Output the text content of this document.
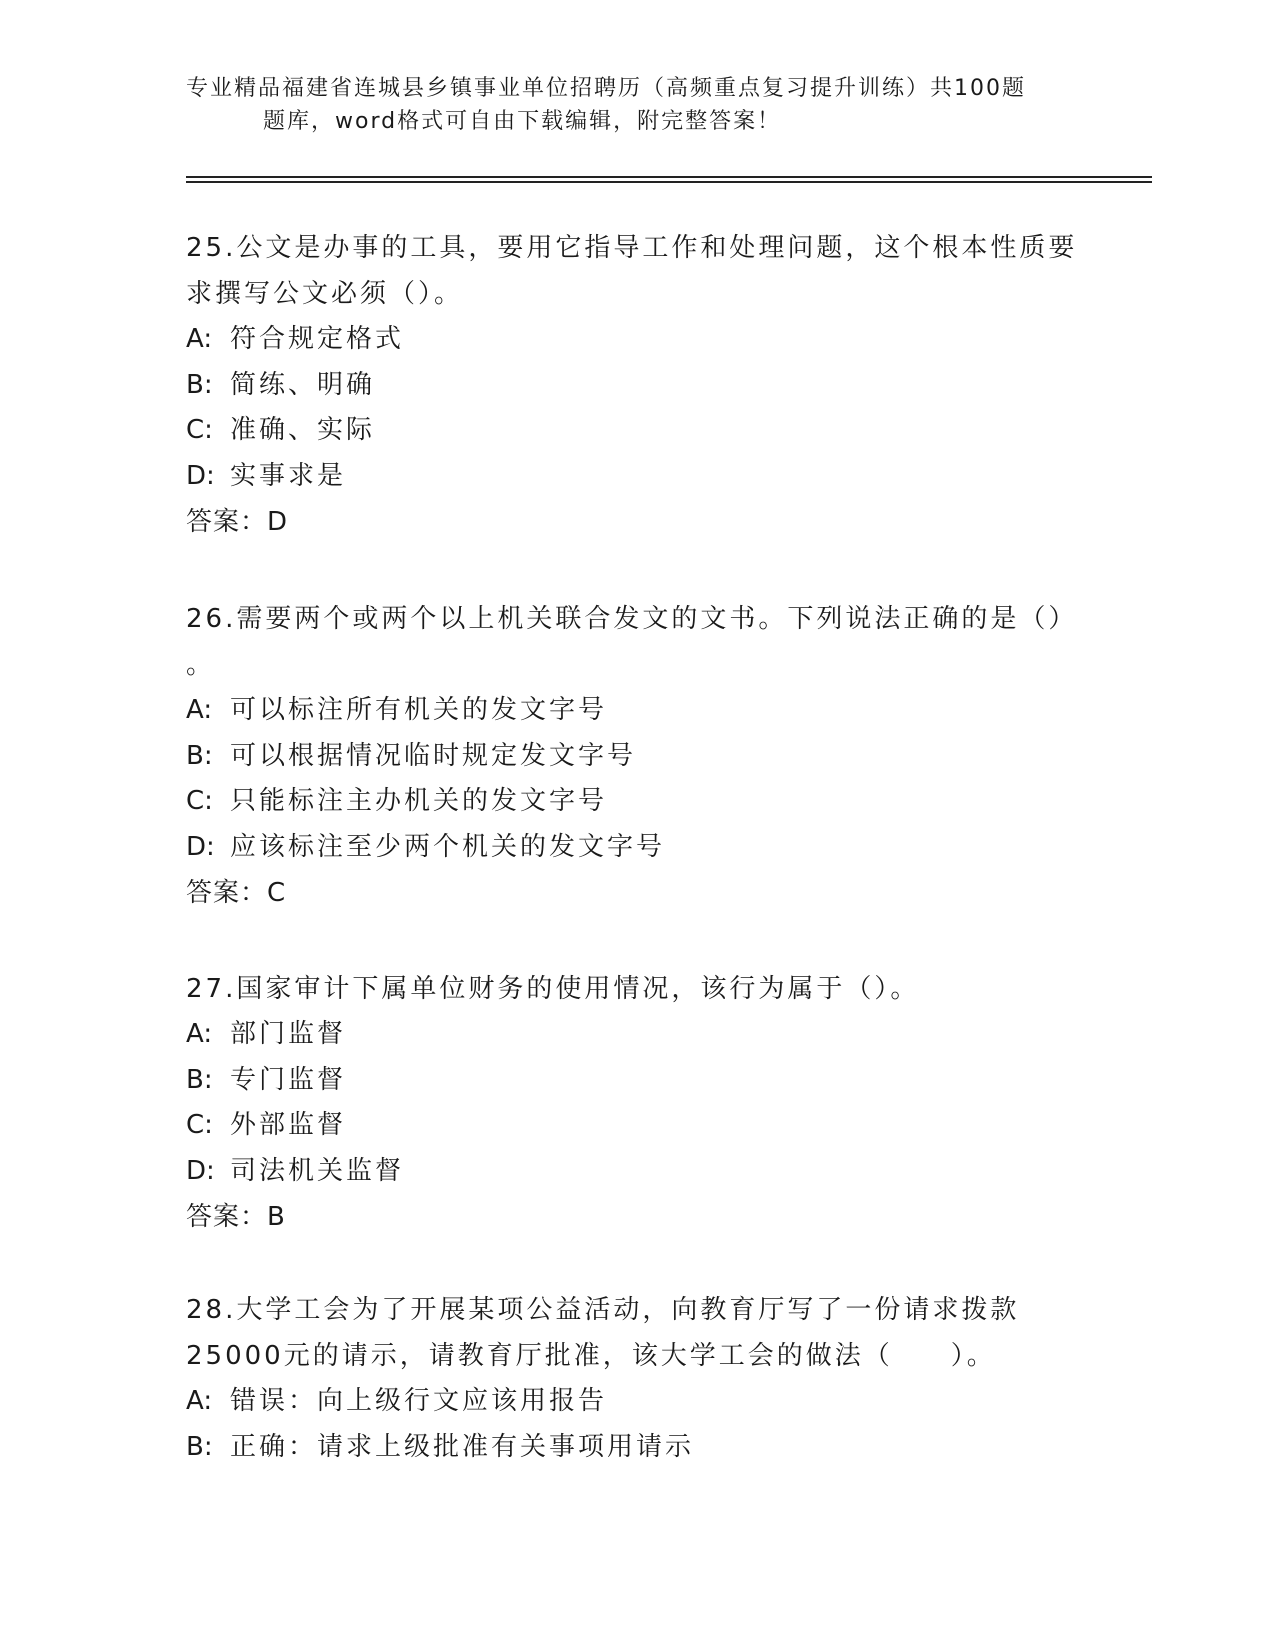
专业精品福建省连城县乡镇事业单位招聘历（高频重点复习提升训练）共100题
题库，word格式可自由下载编辑，附完整答案！
25.公文是办事的工具，要用它指导工作和处理问题，这个根本性质要
求撰写公文必须（）。
A: 符合规定格式
B: 简练、明确
C: 准确、实际
D: 实事求是
答案：D
26.需要两个或两个以上机关联合发文的文书。下列说法正确的是（）
。
A: 可以标注所有机关的发文字号
B: 可以根据情况临时规定发文字号
C: 只能标注主办机关的发文字号
D: 应该标注至少两个机关的发文字号
答案：C
27.国家审计下属单位财务的使用情况，该行为属于（）。
A: 部门监督
B: 专门监督
C: 外部监督
D: 司法机关监督
答案：B
28.大学工会为了开展某项公益活动，向教育厅写了一份请求拨款
25000元的请示，请教育厅批准，该大学工会的做法（　　）。
A: 错误：向上级行文应该用报告
B: 正确：请求上级批准有关事项用请示
